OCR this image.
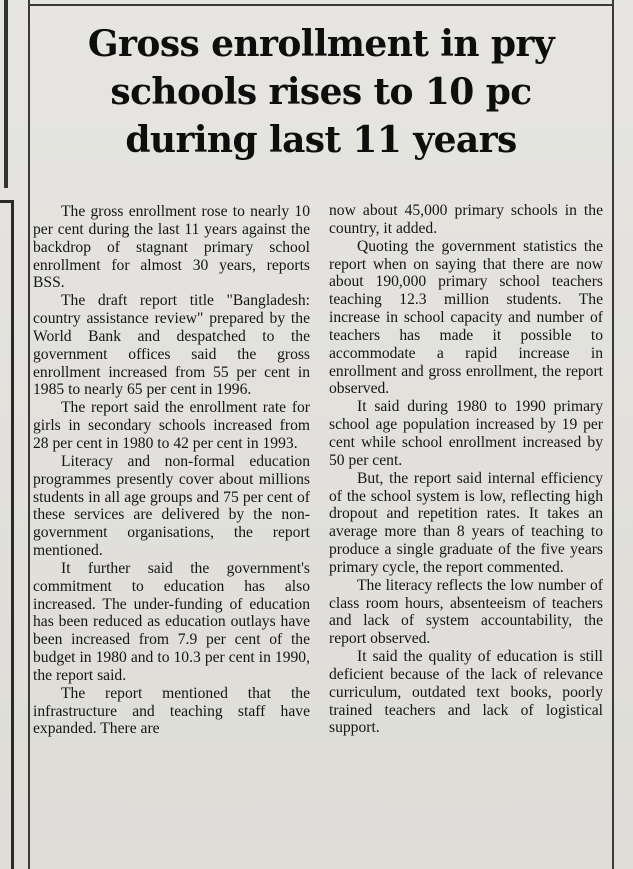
Gross enrollment in pry
schools rises to 10 pc
during last 11 years

The gross enrollment rose to nearly 10 per cent during the last 11 years against the backdrop of stagnant primary school enrollment for almost 30 years, reports BSS.

The draft report title "Bangladesh: country assistance review" prepared by the World Bank and despatched to the government offices said the gross enrollment increased from 55 per cent in 1985 to nearly 65 per cent in 1996.

The report said the enrollment rate for girls in secondary schools increased from 28 per cent in 1980 to 42 per cent in 1993.

Literacy and non-formal education programmes presently cover about millions students in all age groups and 75 per cent of these services are delivered by the non-government organisations, the report mentioned.

It further said the government's commitment to education has also increased. The under-funding of education has been reduced as education outlays have been increased from 7.9 per cent of the budget in 1980 and to 10.3 per cent in 1990, the report said.

The report mentioned that the infrastructure and teaching staff have expanded. There are

now about 45,000 primary schools in the country, it added.

Quoting the government statistics the report when on saying that there are now about 190,000 primary school teachers teaching 12.3 million students. The increase in school capacity and number of teachers has made it possible to accommodate a rapid increase in enrollment and gross enrollment, the report observed.

It said during 1980 to 1990 primary school age population increased by 19 per cent while school enrollment increased by 50 per cent.

But, the report said internal efficiency of the school system is low, reflecting high dropout and repetition rates. It takes an average more than 8 years of teaching to produce a single graduate of the five years primary cycle, the report commented.

The literacy reflects the low number of class room hours, absenteeism of teachers and lack of system accountability, the report observed.

It said the quality of education is still deficient because of the lack of relevance curriculum, outdated text books, poorly trained teachers and lack of logistical support.
